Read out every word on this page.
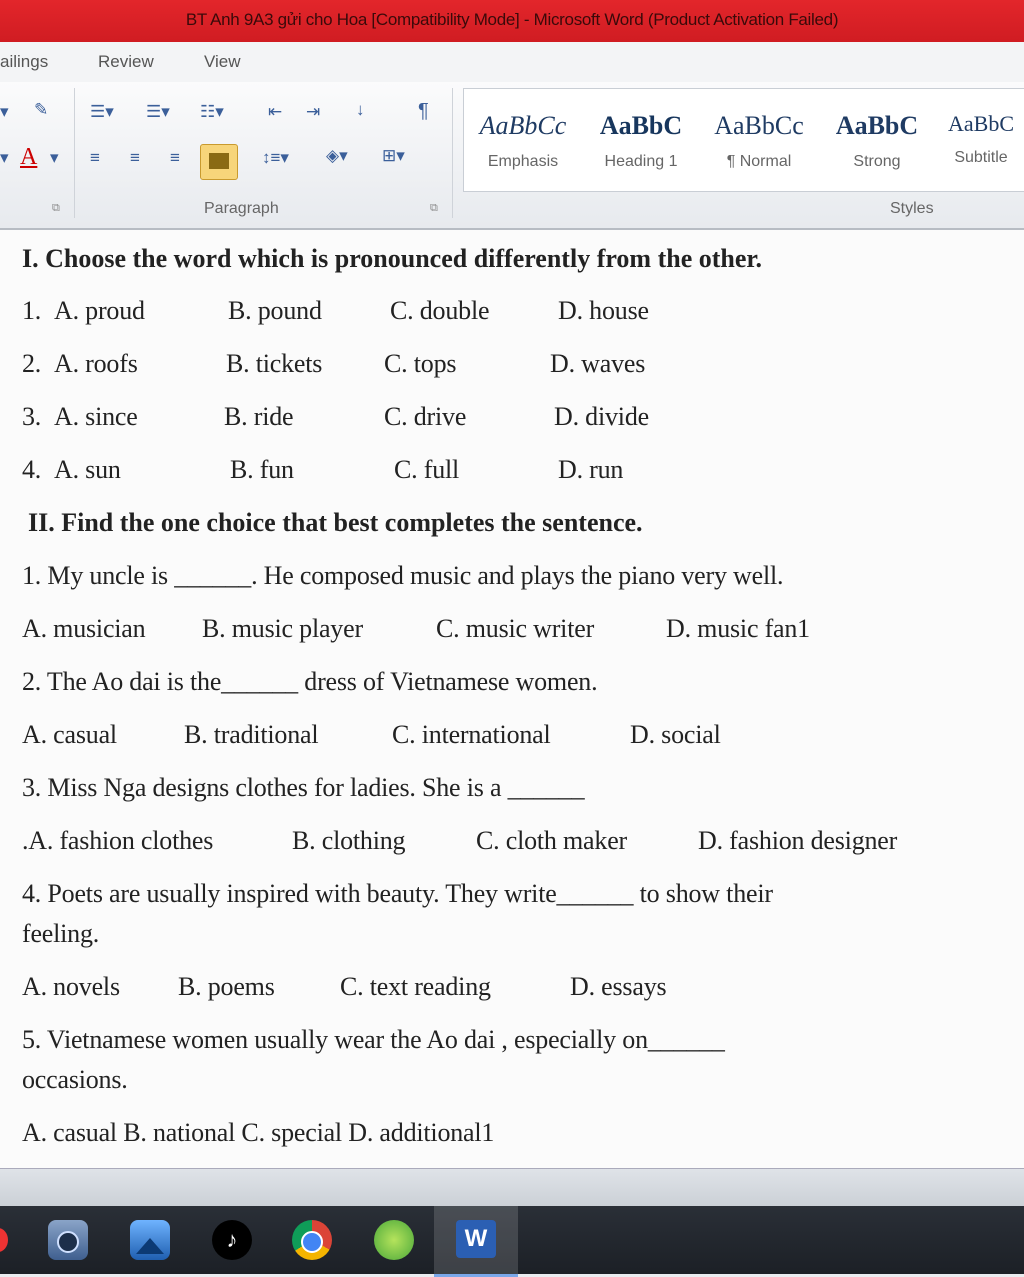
BT Anh 9A3 gửi cho Hoa [Compatibility Mode] - Microsoft Word (Product Activation Failed)
ailings	Review	View
▾ ✎
▾ A ▾
☰▾ ☰▾ ☷▾	⇤ ⇥ ↓	¶
≡ ≡ ≡	↕≡▾ ◈▾ ⊞▾
Paragraph
⧉	⧉
AaBbCc
Emphasis
AaBbC
Heading 1
AaBbCc
¶ Normal
AaBbC
Strong
AaBbC
Subtitle
Styles
I. Choose the word which is pronounced differently from the other.
1. A. proud	B. pound	C. double	D. house
2. A. roofs	B. tickets C. tops	D. waves
3. A. since	B. ride	C. drive	D. divide
4. A. sun	B. fun	C. full	D. run
II. Find the one choice that best completes the sentence.
1. My uncle is ______. He composed music and plays the piano very well.
A. musician B. music player	C. music writer	D. music fan1
2. The Ao dai is the______ dress of Vietnamese women.
A. casual	B. traditional	C. international	D. social
3. Miss Nga designs clothes for ladies. She is a ______
.A. fashion clothes	B. clothing	C. cloth maker	D. fashion designer
4. Poets are usually inspired with beauty. They write______ to show their
feeling.
A. novels B. poems	C. text reading	D. essays
5. Vietnamese women usually wear the Ao dai , especially on______
occasions.
A. casual B. national C. special D. additional1
♪	W
